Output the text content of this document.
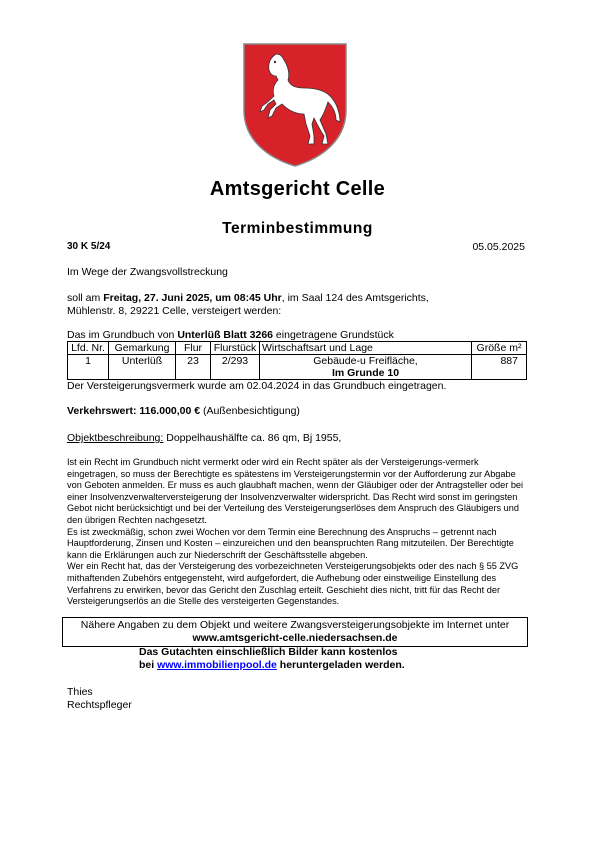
Amtsgericht Celle
Terminbestimmung
30 K 5/24	05.05.2025
Im Wege der Zwangsvollstreckung
soll am Freitag, 27. Juni 2025, um 08:45 Uhr, im Saal 124 des Amtsgerichts,
Mühlenstr. 8, 29221 Celle, versteigert werden:
Das im Grundbuch von Unterlüß Blatt 3266 eingetragene Grundstück
Lfd. Nr.	Gemarkung	Flur	Flurstück	Wirtschaftsart und Lage	Größe m²
1	Unterlüß	23	2/293	Gebäude-u Freifläche,
Im Grunde 10	887
Der Versteigerungsvermerk wurde am 02.04.2024 in das Grundbuch eingetragen.
Verkehrswert: 116.000,00 € (Außenbesichtigung)
Objektbeschreibung: Doppelhaushälfte ca. 86 qm, Bj 1955,

Ist ein Recht im Grundbuch nicht vermerkt oder wird ein Recht später als der Versteigerungs-vermerk eingetragen, so muss der Berechtigte es spätestens im Versteigerungstermin vor der Aufforderung zur Abgabe von Geboten anmelden. Er muss es auch glaubhaft machen, wenn der Gläubiger oder der Antragsteller oder bei einer Insolvenzverwalterversteigerung der Insolvenzverwalter widerspricht. Das Recht wird sonst im geringsten Gebot nicht berücksichtigt und bei der Verteilung des Versteigerungserlöses dem Anspruch des Gläubigers und den übrigen Rechten nachgesetzt.

Es ist zweckmäßig, schon zwei Wochen vor dem Termin eine Berechnung des Anspruchs – getrennt nach Hauptforderung, Zinsen und Kosten – einzureichen und den beanspruchten Rang mitzuteilen. Der Berechtigte kann die Erklärungen auch zur Niederschrift der Geschäftsstelle abgeben.

Wer ein Recht hat, das der Versteigerung des vorbezeichneten Versteigerungsobjekts oder des nach § 55 ZVG mithaftenden Zubehörs entgegensteht, wird aufgefordert, die Aufhebung oder einstweilige Einstellung des Verfahrens zu erwirken, bevor das Gericht den Zuschlag erteilt. Geschieht dies nicht, tritt für das Recht der Versteigerungserlös an die Stelle des versteigerten Gegenstandes.

Nähere Angaben zu dem Objekt und weitere Zwangsversteigerungsobjekte im Internet unter
www.amtsgericht-celle.niedersachsen.de
Das Gutachten einschließlich Bilder kann kostenlos
bei www.immobilienpool.de heruntergeladen werden.
Thies
Rechtspfleger
